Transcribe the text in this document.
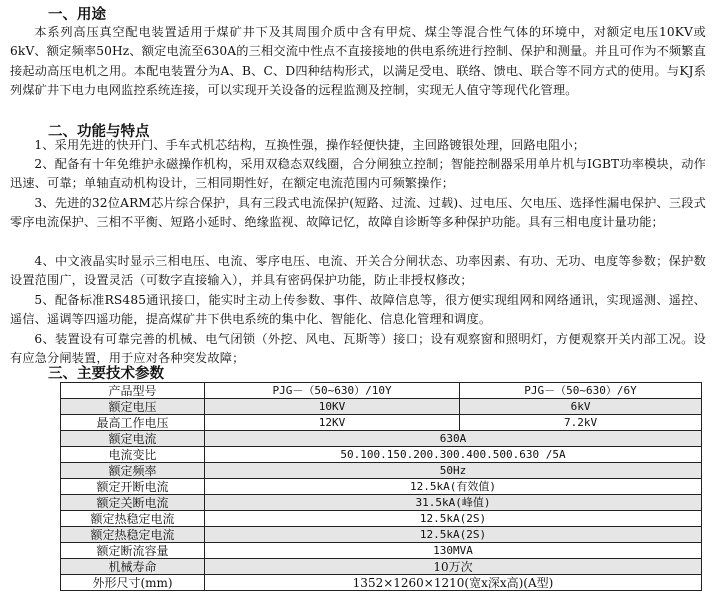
一、用途
本系列高压真空配电装置适用于煤矿井下及其周围介质中含有甲烷、煤尘等混合性气体的环境中，对额定电压10KV或6kV、额定频率50Hz、额定电流至630A的三相交流中性点不直接接地的供电系统进行控制、保护和测量。并且可作为不频繁直接起动高压电机之用。本配电装置分为A、B、C、D四种结构形式，以满足受电、联络、馈电、联合等不同方式的使用。与KJ系列煤矿井下电力电网监控系统连接，可以实现开关设备的远程监测及控制，实现无人值守等现代化管理。
二、功能与特点
1、采用先进的快开门、手车式机芯结构，互换性强，操作轻便快捷，主回路镀银处理，回路电阻小；
2、配备有十年免维护永磁操作机构，采用双稳态双线圈，合分闸独立控制；智能控制器采用单片机与IGBT功率模块，动作迅速、可靠；单轴直动机构设计，三相同期性好，在额定电流范围内可频繁操作；
3、先进的32位ARM芯片综合保护，具有三段式电流保护(短路、过流、过载)、过电压、欠电压、选择性漏电保护、三段式零序电流保护、三相不平衡、短路小延时、绝缘监视、故障记忆，故障自诊断等多种保护功能。具有三相电度计量功能；
4、中文液晶实时显示三相电压、电流、零序电压、电流、开关合分闸状态、功率因素、有功、无功、电度等参数；保护数设置范围广，设置灵活（可数字直接输入），并具有密码保护功能，防止非授权修改；
5、配备标准RS485通讯接口，能实时主动上传参数、事件、故障信息等，很方便实现组网和网络通讯，实现遥测、遥控、遥信、遥调等四遥功能，提高煤矿井下供电系统的集中化、智能化、信息化管理和调度。
6、装置设有可靠完善的机械、电气闭锁（外挖、风电、瓦斯等）接口；设有观察窗和照明灯，方便观察开关内部工况。设有应急分闸装置，用于应对各种突发故障；
三、主要技术参数
产品型号	PJG－（50~630）/10Y	PJG－（50~630）/6Y
额定电压	10KV	6kV
最高工作电压	12KV	7.2kV
额定电流	630A	
电流变比	50.100.150.200.300.400.500.630 /5A	
额定频率	50Hz	
额定开断电流	12.5kA(有效值)	
额定关断电流	31.5kA(峰值)	
额定热稳定电流	12.5kA(2S)	
额定热稳定电流	12.5kA(2S)	
额定断流容量	130MVA	
机械寿命	10万次	
外形尺寸(mm)	1352×1260×1210(宽x深x高)(A型)	
